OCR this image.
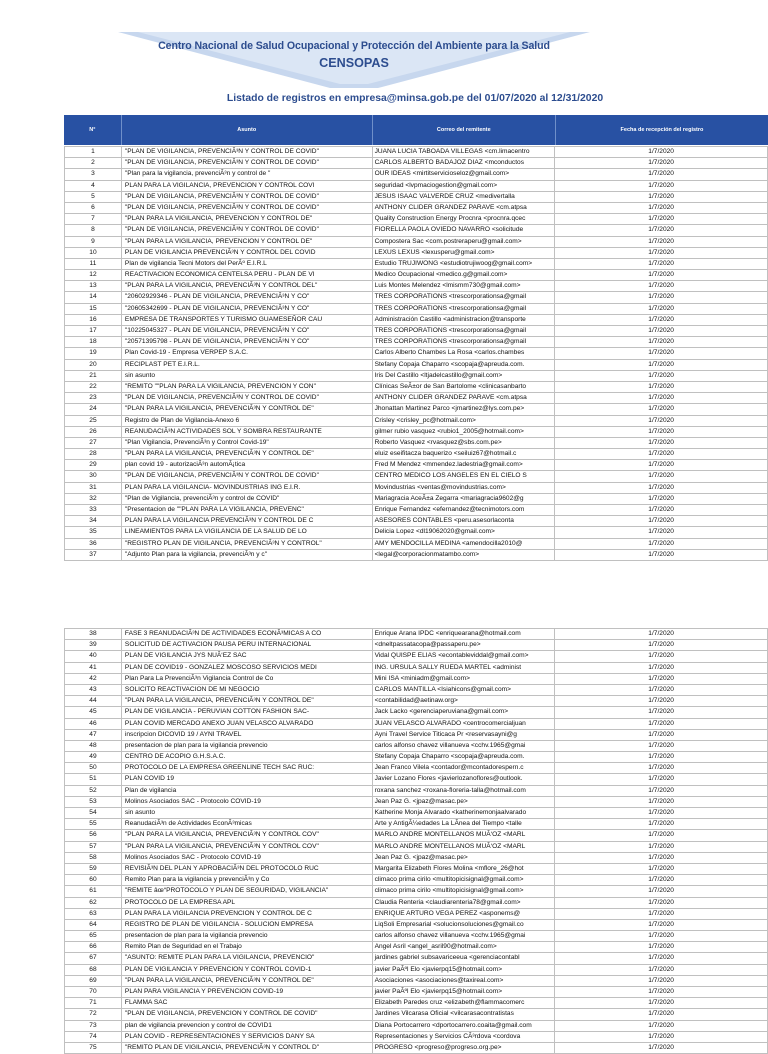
Centro Nacional de Salud Ocupacional y Protección del Ambiente para la Salud
CENSOPAS
Listado de registros en empresa@minsa.gob.pe del 01/07/2020 al 12/31/2020
N°	Asunto	Correo del remitente	Fecha de recepción del registro
1	"PLAN DE VIGILANCIA, PREVENCIÃ³N Y CONTROL DE COVID"	JUANA LUCIA TABOADA VILLEGAS <cm.limacentro	1/7/2020
2	"PLAN DE VIGILANCIA, PREVENCIÃ³N Y CONTROL DE COVID"	CARLOS ALBERTO BADAJOZ DIAZ <mconductos	1/7/2020
3	"Plan para la vigilancia, prevenciÃ³n y control de "	OUR IDEAS <mirtitservicioseloz@gmail.com>	1/7/2020
4	PLAN PARA LA VIGILANCIA, PREVENCION Y CONTROL COVI	seguridad <lvpmaciogestion@gmail.com>	1/7/2020
5	"PLAN DE VIGILANCIA, PREVENCIÃ³N Y CONTROL DE COVID"	JESUS ISAAC VALVERDE CRUZ <medivertalla	1/7/2020
6	"PLAN DE VIGILANCIA, PREVENCIÃ³N Y CONTROL DE COVID"	ANTHONY CLIDER GRANDEZ PARAVE <cm.atpsa	1/7/2020
7	"PLAN PARA LA VIGILANCIA, PREVENCION Y CONTROL DE"	Quality Construction Energy Procnra <procnra.qcec	1/7/2020
8	"PLAN DE VIGILANCIA, PREVENCIÃ³N Y CONTROL DE COVID"	FIORELLA PAOLA OVIEDO NAVARRO <solicitude	1/7/2020
9	"PLAN PARA LA VIGILANCIA, PREVENCION Y CONTROL DE"	Compostera Sac <com.postreraperu@gmail.com>	1/7/2020
10	PLAN DE VIGILANCIA PREVENCIÃ³N Y CONTROL DEL COVID	LEXUS LEXUS <lexusperu@gmail.com>	1/7/2020
11	Plan de vigilancia Tecni Motors del PerÃº E.I.R.L	Estudio TRUJIWONG <estudiotrujiwoog@gmail.com>	1/7/2020
12	REACTIVACION ECONOMICA CENTELSA PERU - PLAN DE VI	Medico Ocupacional <medico.g@gmail.com>	1/7/2020
13	"PLAN PARA LA VIGILANCIA, PREVENCIÃ³N Y CONTROL DEL"	Luis Montes Melendez <lmismm730@gmail.com>	1/7/2020
14	"20602929346 - PLAN DE VIGILANCIA, PREVENCIÃ³N Y CO"	TRES CORPORATIONS <trescorporationsa@gmail	1/7/2020
15	"20605342699 - PLAN DE VIGILANCIA, PREVENCIÃ³N Y CO"	TRES CORPORATIONS <trescorporationsa@gmail	1/7/2020
16	EMPRESA DE TRANSPORTES Y TURISMO GUAMESEÑOR CAU	Administración Castillo <administracion@transporte	1/7/2020
17	"10225045327 - PLAN DE VIGILANCIA, PREVENCIÃ³N Y CO"	TRES CORPORATIONS <trescorporationsa@gmail	1/7/2020
18	"20571395798 - PLAN DE VIGILANCIA, PREVENCIÃ³N Y CO"	TRES CORPORATIONS <trescorporationsa@gmail	1/7/2020
19	Plan Covid-19 - Empresa VERPEP S.A.C.	Carlos Alberto Chambes La Rosa <carlos.chambes	1/7/2020
20	RECIPLAST PET E.I.R.L.	Stefany Copaja Chaparro <scopaja@apreuda.com.	1/7/2020
21	sin asunto	Iris Del Castillo <ltjadelcastillo@gmail.com>	1/7/2020
22	"REMITO ""PLAN PARA LA VIGILANCIA, PREVENCION Y CON"	Clínicas SeÃ±or de San Bartolome <clinicasanbarto	1/7/2020
23	"PLAN DE VIGILANCIA, PREVENCIÃ³N Y CONTROL DE COVID"	ANTHONY CLIDER GRANDEZ PARAVE <cm.atpsa	1/7/2020
24	"PLAN PARA LA VIGILANCIA, PREVENCIÃ³N Y CONTROL DE"	Jhonattan Martinez Parco <jmartinez@lys.com.pe>	1/7/2020
25	Registro de Plan de Vigilancia-Anexo 6	Crisley <crisley_pc@hotmail.com>	1/7/2020
26	REANUDACIÃ³N ACTIVIDADES SOL Y SOMBRA RESTAURANTE	gilmer rubio vasquez <rubio1_2005@hotmail.com>	1/7/2020
27	"Plan Vigilancia, PrevenciÃ³n y Control Covid-19"	Roberto Vasquez <rvasquez@sbs.com.pe>	1/7/2020
28	"PLAN PARA LA VIGILANCIA, PREVENCIÃ³N Y CONTROL DE"	eluiz eseifitacza baquerizo <seiluiz67@hotmail.c	1/7/2020
29	plan covid 19 - autorizaciÃ³n automÃ¡tica	Fred M Mendez <mmendez.ladestria@gmail.com>	1/7/2020
30	"PLAN DE VIGILANCIA, PREVENCIÃ³N Y CONTROL DE COVID"	CENTRO MEDICO LOS ANGELES EN EL CIELO S	1/7/2020
31	PLAN PARA LA VIGILANCIA- MOVINDUSTRIAS ING E.I.R.	Movindustrias <ventas@movindustrias.com>	1/7/2020
32	"Plan de Vigilancia, prevenciÃ³n y control de COVID"	Mariagracia AceÃ±a Zegarra <mariagracia9602@g	1/7/2020
33	"Presentacion de ""PLAN PARA LA VIGILANCIA, PREVENC"	Enrique Fernandez <efernandez@tecnimotors.com	1/7/2020
34	PLAN PARA LA VIGILANCIA PREVENCIÃ³N Y CONTROL DE C	ASESORES CONTABLES <peru.asesorlaconta	1/7/2020
35	LINEAMIENTOS PARA LA VIGILANCIA DE LA SALUD DE LO	Delicia Lopez <dl19062020@gmail.com>	1/7/2020
36	"REGISTRO PLAN DE VIGILANCIA, PREVENCIÃ³N Y CONTROL"	AMY MENDOCILLA MEDINA <amendocilla2010@	1/7/2020
37	"Adjunto Plan para la vigilancia, prevenciÃ³n y c"	<legal@corporacionmatambo.com>	1/7/2020
38	FASE 3 REANUDACIÃ³N DE ACTIVIDADES ECONÃ³MICAS A CO	Enrique Arana IPDC <enriquearana@hotmail.com	1/7/2020
39	SOLICITUD DE ACTIVACION PAUSA PERU INTERNACIONAL	<dneltpassatacopa@passaperu.pe>	1/7/2020
40	PLAN DE VIGILANCIA JYS NUÃ‘EZ SAC	Vidal QUISPE ELIAS <econtableviddal@gmail.com>	1/7/2020
41	PLAN DE COVID19 - GONZALEZ MOSCOSO SERVICIOS MEDI	ING. URSULA SALLY RUEDA MARTEL <administ	1/7/2020
42	Plan Para La PrevenciÃ³n Vigilancia Control de Co	Mini ISA <miniadm@gmail.com>	1/7/2020
43	SOLICITO REACTIVACION DE MI NEGOCIO	CARLOS MANTILLA <Isiahicons@gmail.com>	1/7/2020
44	"PLAN PARA LA VIGILANCIA, PREVENCIÃ³N Y CONTROL DE"	<contabilidad@aetinaw.org>	1/7/2020
45	PLAN DE VIGILANCIA - PERUVIAN COTTON FASHION SAC-	Jack Lacko <gerenciaperuviana@gmail.com>	1/7/2020
46	PLAN COVID MERCADO ANEXO JUAN VELASCO ALVARADO	JUAN VELASCO ALVARADO <centrocomercialjuan	1/7/2020
47	inscripcion DICOVID 19 / AYNI TRAVEL	Ayni Travel Service Titicaca Pr <reservasayni@g	1/7/2020
48	presentacion de plan para la vigilancia prevencio	carlos alfonso chavez villanueva <cchv.1965@gmai	1/7/2020
49	CENTRO DE ACOPIO G.H.S.A.C.	Stefany Copaja Chaparro <scopaja@apreuda.com.	1/7/2020
50	PROTOCOLO DE LA EMPRESA GREENLINE TECH SAC RUC:	Jean Franco Vilela <contador@mcontadorespern.c	1/7/2020
51	PLAN COVID 19	Javier Lozano Flores <javierlozanoflores@outlook.	1/7/2020
52	Plan de vigilancia	roxana sanchez <roxana-floreria-talla@hotmail.com	1/7/2020
53	Molinos Asociados SAC - Protocolo COVID-19	Jean Paz G. <jpaz@masac.pe>	1/7/2020
54	sin asunto	Katherine Monja Alvarado <katherinemonjaalvarado	1/7/2020
55	ReanudaciÃ³n de Actividades EconÃ³micas	Arte y AntigÃ¼edades La LÃnea del Tiempo <talle	1/7/2020
56	"PLAN PARA LA VIGILANCIA, PREVENCIÃ³N Y CONTROL COV"	MARLO ANDRE MONTELLANOS MUÃ‘OZ <MARL	1/7/2020
57	"PLAN PARA LA VIGILANCIA, PREVENCIÃ³N Y CONTROL COV"	MARLO ANDRE MONTELLANOS MUÃ‘OZ <MARL	1/7/2020
58	Molinos Asociados SAC - Protocolo COVID-19	Jean Paz G. <jpaz@masac.pe>	1/7/2020
59	REVISIÃ³N DEL PLAN Y APROBACIÃ³N DEL PROTOCOLO RUC	Margarita Elizabeth Flores Molina <mflore_26@hot	1/7/2020
60	Remito Plan para la vigilancia y prevenciÃ³n y Co	climaco prima cirilo <multitopicisignal@gmail.com>	1/7/2020
61	"REMITE âœ“PROTOCOLO Y PLAN DE SEGURIDAD, VIGILANCIA"	climaco prima cirilo <multitopicisignal@gmail.com>	1/7/2020
62	PROTOCOLO DE LA EMPRESA APL	Claudia Renteria <claudiarenteria78@gmail.com>	1/7/2020
63	PLAN PARA LA VIGILANCIA PREVENCION Y CONTROL DE C	ENRIQUE ARTURO VEGA PEREZ <asponems@	1/7/2020
64	REGISTRO DE PLAN DE VIGILANCIA - SOLUCION EMPRESA	LiqSoli Empresarial <solucionsoluciones@gmail.co	1/7/2020
65	presentacion de plan para la vigilancia prevencio	carlos alfonso chavez villanueva <cchv.1965@gmai	1/7/2020
66	Remito Plan de Seguridad en el Trabajo	Angel Asril <angel_asril90@hotmail.com>	1/7/2020
67	"ASUNTO: REMITE PLAN PARA LA VIGILANCIA, PREVENCIO"	jardines gabriel subsavariceeua <gerenciacontabl	1/7/2020
68	PLAN DE VIGILANCIA Y PREVENCION Y CONTROL COVID-1	javier PaÃºl Elo <javierpq15@hotmail.com>	1/7/2020
69	"PLAN PARA LA VIGILANCIA, PREVENCIÃ³N Y CONTROL DE"	Asociaciones <asociaciones@taxireal.com>	1/7/2020
70	PLAN PARA VIGILANCIA Y PREVENCION COVID-19	javier PaÃºl Elo <javierpq15@hotmail.com>	1/7/2020
71	FLAMMA SAC	Elizabeth Paredes cruz <elizabeth@flammacomerc	1/7/2020
72	"PLAN DE VIGILANCIA, PREVENCION Y CONTROL DE COVID"	Jardines Vilcarasa Oficial <vilcarasacontratistas	1/7/2020
73	plan de vigilancia prevencion y control de COVID1	Diana Portocarrero <dportocarrero.coaita@gmail.com	1/7/2020
74	PLAN COVID - REPRESENTACIONES Y SERVICIOS DANY SA	Representaciones y Servicios CÃ³rdova <cordova	1/7/2020
75	"REMITO PLAN DE VIGILANCIA, PREVENCIÃ³N Y CONTROL D"	PROGRESO <progreso@progreso.org.pe>	1/7/2020
